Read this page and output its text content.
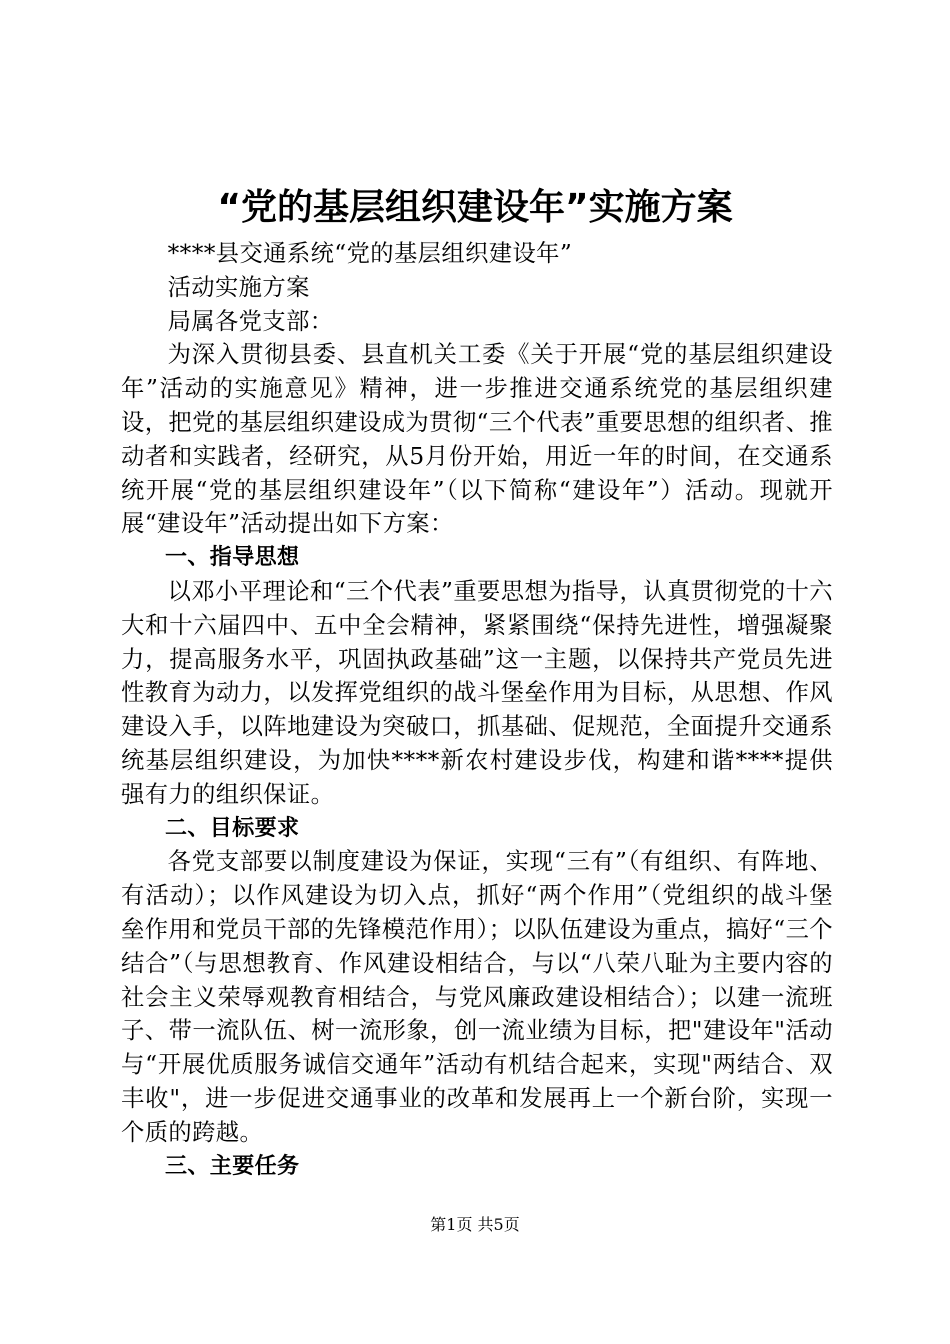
“党的基层组织建设年”实施方案

****县交通系统“党的基层组织建设年”

活动实施方案

局属各党支部：

为深入贯彻县委、县直机关工委《关于开展“党的基层组织建设年”活动的实施意见》精神，进一步推进交通系统党的基层组织建设，把党的基层组织建设成为贯彻“三个代表”重要思想的组织者、推动者和实践者，经研究，从5月份开始，用近一年的时间，在交通系统开展“党的基层组织建设年”（以下简称“建设年”）活动。现就开展“建设年”活动提出如下方案：

一、指导思想

以邓小平理论和“三个代表”重要思想为指导，认真贯彻党的十六大和十六届四中、五中全会精神，紧紧围绕“保持先进性，增强凝聚力，提高服务水平，巩固执政基础”这一主题，以保持共产党员先进性教育为动力，以发挥党组织的战斗堡垒作用为目标，从思想、作风建设入手，以阵地建设为突破口，抓基础、促规范，全面提升交通系统基层组织建设，为加快****新农村建设步伐，构建和谐****提供强有力的组织保证。

二、目标要求

各党支部要以制度建设为保证，实现“三有”（有组织、有阵地、有活动）；以作风建设为切入点，抓好“两个作用”（党组织的战斗堡垒作用和党员干部的先锋模范作用）；以队伍建设为重点，搞好“三个结合”（与思想教育、作风建设相结合，与以“八荣八耻为主要内容的社会主义荣辱观教育相结合，与党风廉政建设相结合）；以建一流班子、带一流队伍、树一流形象，创一流业绩为目标，把"建设年"活动与“开展优质服务诚信交通年”活动有机结合起来，实现"两结合、双丰收"，进一步促进交通事业的改革和发展再上一个新台阶，实现一个质的跨越。

三、主要任务

第1页 共5页
